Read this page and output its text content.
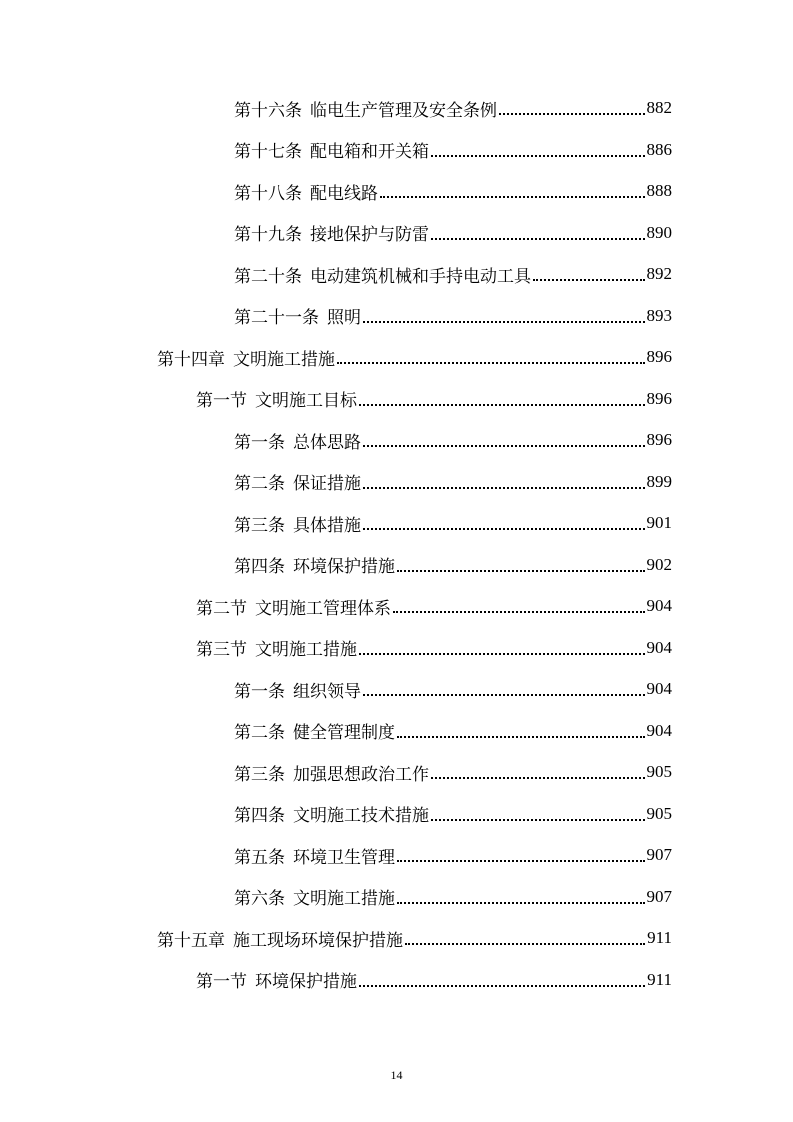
第十六条 临电生产管理及安全条例	882
第十七条 配电箱和开关箱	886
第十八条 配电线路	888
第十九条 接地保护与防雷	890
第二十条 电动建筑机械和手持电动工具	892
第二十一条 照明	893
第十四章 文明施工措施	896
第一节 文明施工目标	896
第一条 总体思路	896
第二条 保证措施	899
第三条 具体措施	901
第四条 环境保护措施	902
第二节 文明施工管理体系	904
第三节 文明施工措施	904
第一条 组织领导	904
第二条 健全管理制度	904
第三条 加强思想政治工作	905
第四条 文明施工技术措施	905
第五条 环境卫生管理	907
第六条 文明施工措施	907
第十五章 施工现场环境保护措施	911
第一节 环境保护措施	911
14
